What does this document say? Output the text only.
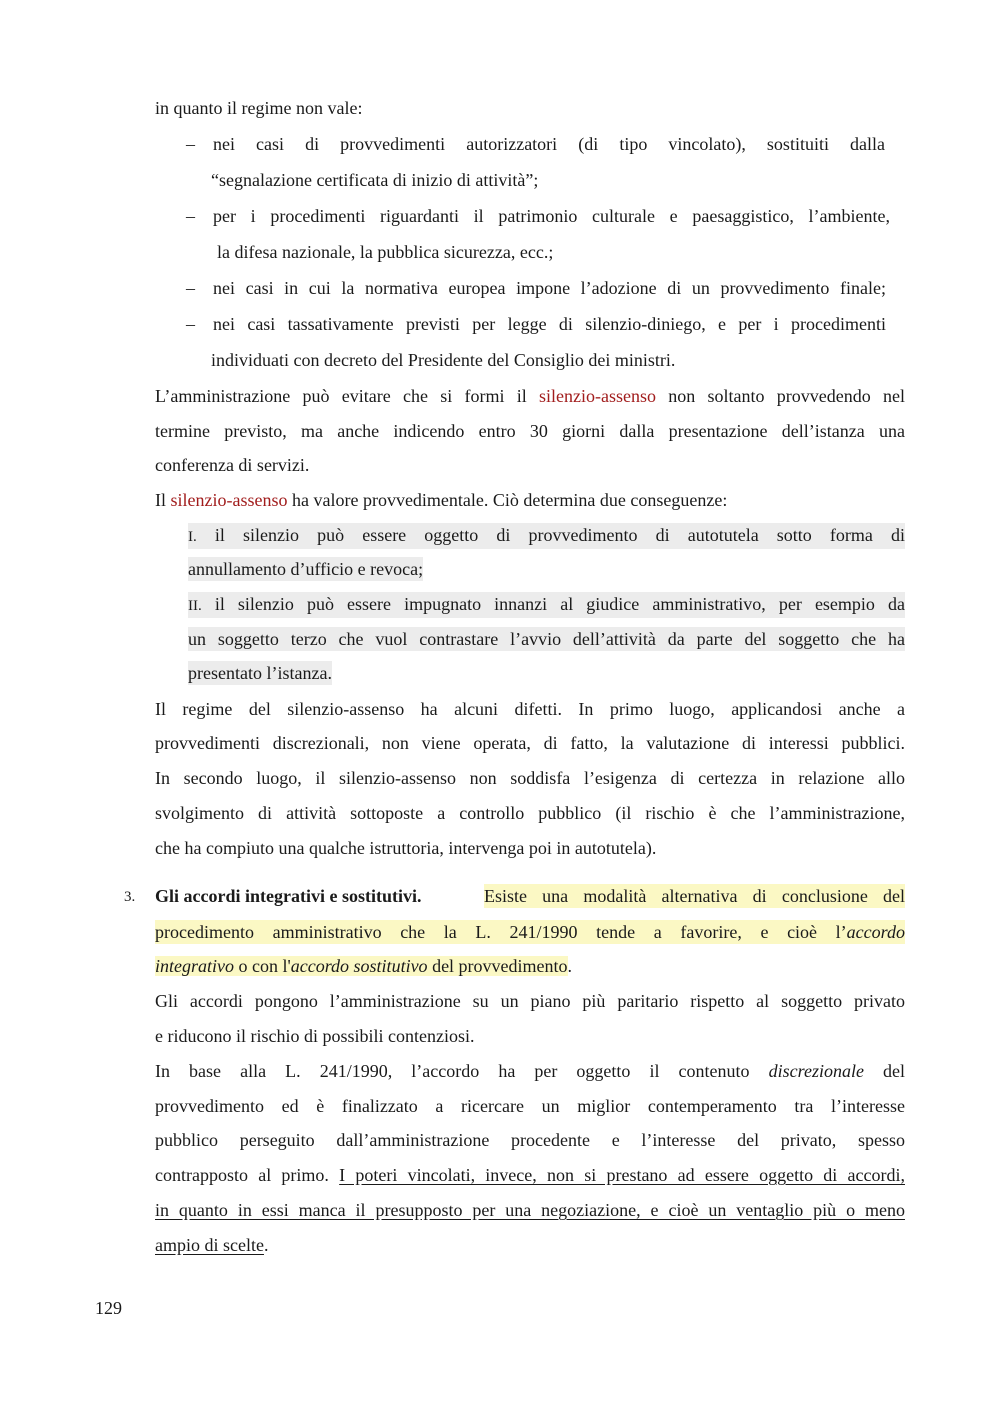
in quanto il regime non vale:
– nei casi di provvedimenti autorizzatori (di tipo vincolato), sostituiti dalla
“segnalazione certificata di inizio di attività”;
– per i procedimenti riguardanti il patrimonio culturale e paesaggistico, l’ambiente,
la difesa nazionale, la pubblica sicurezza, ecc.;
– nei casi in cui la normativa europea impone l’adozione di un provvedimento finale;
– nei casi tassativamente previsti per legge di silenzio-diniego, e per i procedimenti
individuati con decreto del Presidente del Consiglio dei ministri.
L’amministrazione può evitare che si formi il silenzio-assenso non soltanto provvedendo nel
termine previsto, ma anche indicendo entro 30 giorni dalla presentazione dell’istanza una
conferenza di servizi.
Il silenzio-assenso ha valore provvedimentale. Ciò determina due conseguenze:
I. il silenzio può essere oggetto di provvedimento di autotutela sotto forma di
annullamento d’ufficio e revoca;
II. il silenzio può essere impugnato innanzi al giudice amministrativo, per esempio da
un soggetto terzo che vuol contrastare l’avvio dell’attività da parte del soggetto che ha
presentato l’istanza.
Il regime del silenzio-assenso ha alcuni difetti. In primo luogo, applicandosi anche a
provvedimenti discrezionali, non viene operata, di fatto, la valutazione di interessi pubblici.
In secondo luogo, il silenzio-assenso non soddisfa l’esigenza di certezza in relazione allo
svolgimento di attività sottoposte a controllo pubblico (il rischio è che l’amministrazione,
che ha compiuto una qualche istruttoria, intervenga poi in autotutela).
3. Gli accordi integrativi e sostitutivi.	Esiste una modalità alternativa di conclusione del
procedimento amministrativo che la L. 241/1990 tende a favorire, e cioè l’accordo
integrativo o con l'accordo sostitutivo del provvedimento.
Gli accordi pongono l’amministrazione su un piano più paritario rispetto al soggetto privato
e riducono il rischio di possibili contenziosi.
In base alla L. 241/1990, l’accordo ha per oggetto il contenuto discrezionale del
provvedimento ed è finalizzato a ricercare un miglior contemperamento tra l’interesse
pubblico perseguito dall’amministrazione procedente e l’interesse del privato, spesso
contrapposto al primo. I poteri vincolati, invece, non si prestano ad essere oggetto di accordi,
in quanto in essi manca il presupposto per una negoziazione, e cioè un ventaglio più o meno
ampio di scelte.
129
